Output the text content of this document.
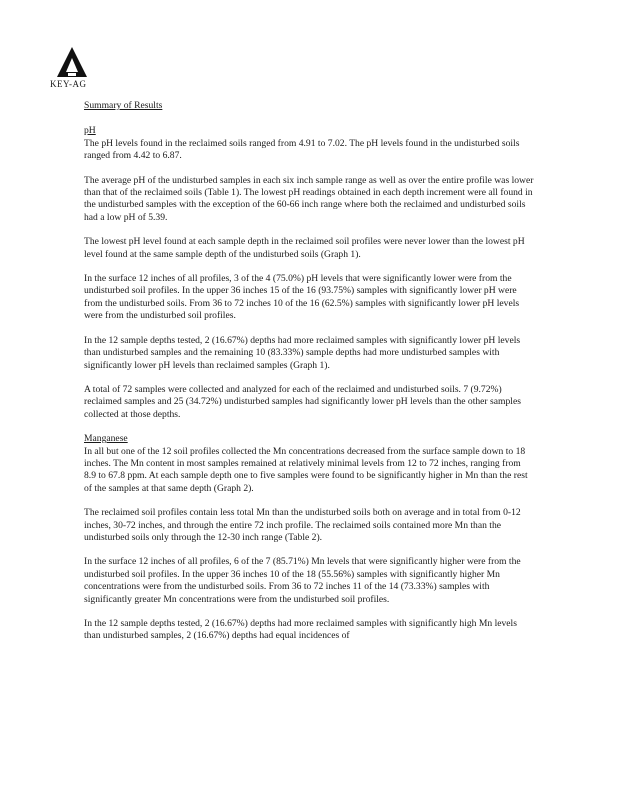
KEY-AG
Summary of Results
pH

The pH levels found in the reclaimed soils ranged from 4.91 to 7.02. The pH levels found in the undisturbed soils ranged from 4.42 to 6.87.

The average pH of the undisturbed samples in each six inch sample range as well as over the entire profile was lower than that of the reclaimed soils (Table 1). The lowest pH readings obtained in each depth increment were all found in the undisturbed samples with the exception of the 60-66 inch range where both the reclaimed and undisturbed soils had a low pH of 5.39.

The lowest pH level found at each sample depth in the reclaimed soil profiles were never lower than the lowest pH level found at the same sample depth of the undisturbed soils (Graph 1).

In the surface 12 inches of all profiles, 3 of the 4 (75.0%) pH levels that were significantly lower were from the undisturbed soil profiles. In the upper 36 inches 15 of the 16 (93.75%) samples with significantly lower pH were from the undisturbed soils. From 36 to 72 inches 10 of the 16 (62.5%) samples with significantly lower pH levels were from the undisturbed soil profiles.

In the 12 sample depths tested, 2 (16.67%) depths had more reclaimed samples with significantly lower pH levels than undisturbed samples and the remaining 10 (83.33%) sample depths had more undisturbed samples with significantly lower pH levels than reclaimed samples (Graph 1).

A total of 72 samples were collected and analyzed for each of the reclaimed and undisturbed soils. 7 (9.72%) reclaimed samples and 25 (34.72%) undisturbed samples had significantly lower pH levels than the other samples collected at those depths.

Manganese

In all but one of the 12 soil profiles collected the Mn concentrations decreased from the surface sample down to 18 inches. The Mn content in most samples remained at relatively minimal levels from 12 to 72 inches, ranging from 8.9 to 67.8 ppm. At each sample depth one to five samples were found to be significantly higher in Mn than the rest of the samples at that same depth (Graph 2).

The reclaimed soil profiles contain less total Mn than the undisturbed soils both on average and in total from 0-12 inches, 30-72 inches, and through the entire 72 inch profile. The reclaimed soils contained more Mn than the undisturbed soils only through the 12-30 inch range (Table 2).

In the surface 12 inches of all profiles, 6 of the 7 (85.71%) Mn levels that were significantly higher were from the undisturbed soil profiles. In the upper 36 inches 10 of the 18 (55.56%) samples with significantly higher Mn concentrations were from the undisturbed soils. From 36 to 72 inches 11 of the 14 (73.33%) samples with significantly greater Mn concentrations were from the undisturbed soil profiles.

In the 12 sample depths tested, 2 (16.67%) depths had more reclaimed samples with significantly high Mn levels than undisturbed samples, 2 (16.67%) depths had equal incidences of
